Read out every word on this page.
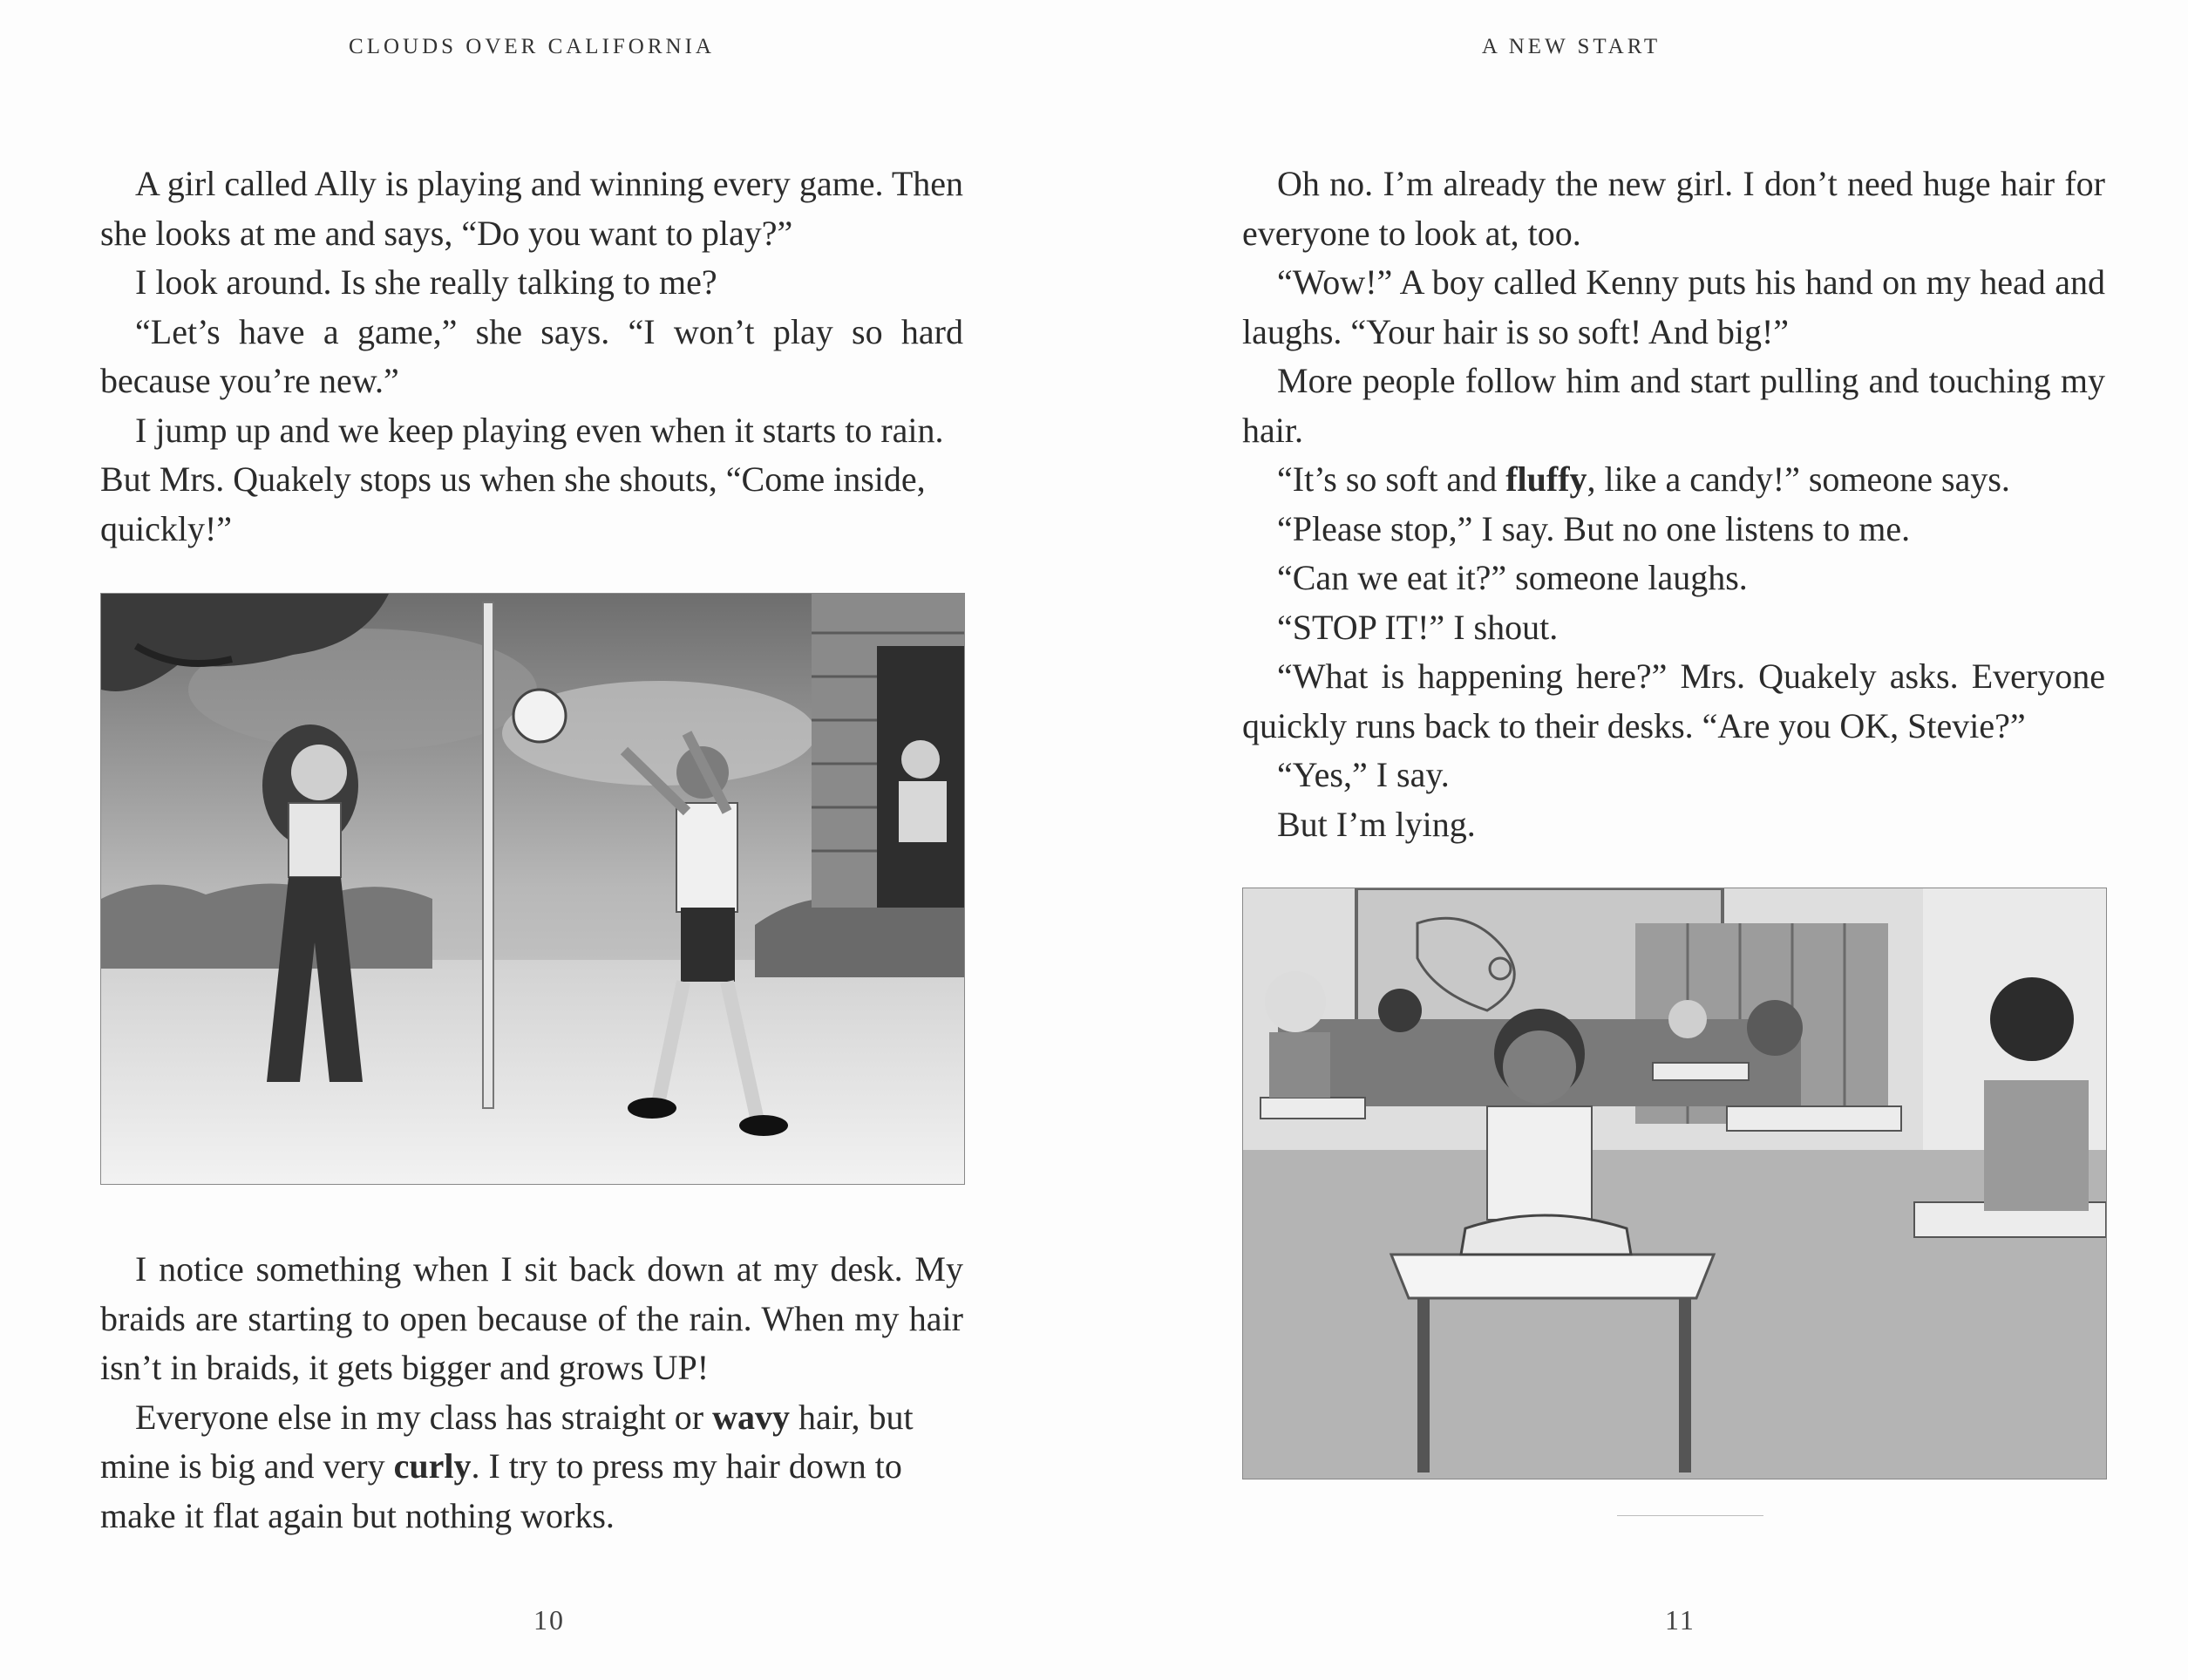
CLOUDS OVER CALIFORNIA

A girl called Ally is playing and winning every game. Then she looks at me and says, “Do you want to play?”

I look around. Is she really talking to me?

“Let’s have a game,” she says. “I won’t play so hard because you’re new.”

I jump up and we keep playing even when it starts to rain. But Mrs. Quakely stops us when she shouts, “Come inside, quickly!”

I notice something when I sit back down at my desk. My braids are starting to open because of the rain. When my hair isn’t in braids, it gets bigger and grows UP!

Everyone else in my class has straight or wavy hair, but mine is big and very curly. I try to press my hair down to make it flat again but nothing works.

10
A NEW START

Oh no. I’m already the new girl. I don’t need huge hair for everyone to look at, too.

“Wow!” A boy called Kenny puts his hand on my head and laughs. “Your hair is so soft! And big!”

More people follow him and start pulling and touching my hair.

“It’s so soft and fluffy, like a candy!” someone says.

“Please stop,” I say. But no one listens to me.

“Can we eat it?” someone laughs.

“STOP IT!” I shout.

“What is happening here?” Mrs. Quakely asks. Everyone quickly runs back to their desks. “Are you OK, Stevie?”

“Yes,” I say.

But I’m lying.

11
